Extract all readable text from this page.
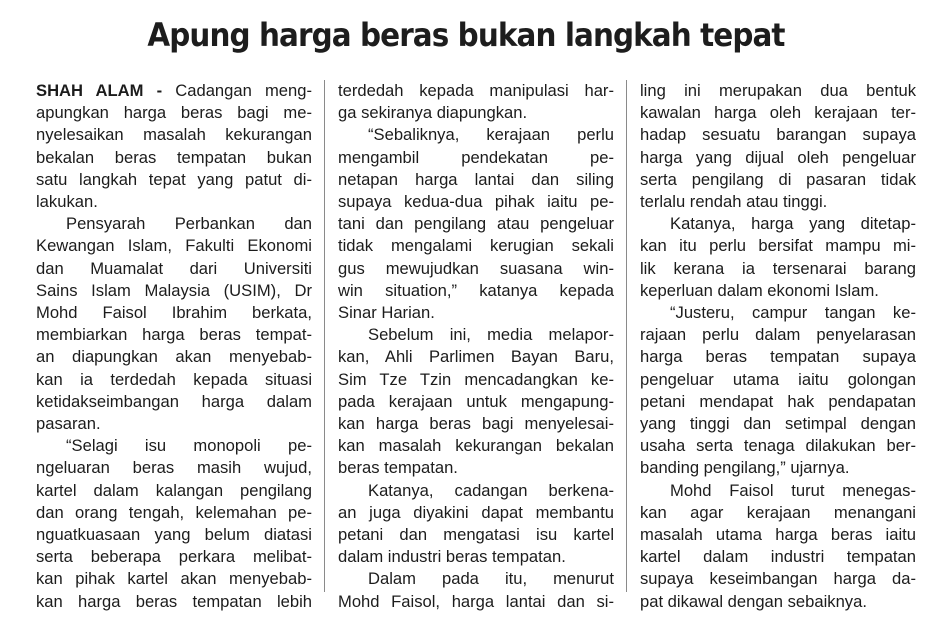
Apung harga beras bukan langkah tepat
SHAH ALAM - Cadangan meng-
apungkan harga beras bagi me-
nyelesaikan masalah kekurangan
bekalan beras tempatan bukan
satu langkah tepat yang patut di-
lakukan.
Pensyarah Perbankan dan
Kewangan Islam, Fakulti Ekonomi
dan Muamalat dari Universiti
Sains Islam Malaysia (USIM), Dr
Mohd Faisol Ibrahim berkata,
membiarkan harga beras tempat-
an diapungkan akan menyebab-
kan ia terdedah kepada situasi
ketidakseimbangan harga dalam
pasaran.
“Selagi isu monopoli pe-
ngeluaran beras masih wujud,
kartel dalam kalangan pengilang
dan orang tengah, kelemahan pe-
nguatkuasaan yang belum diatasi
serta beberapa perkara melibat-
kan pihak kartel akan menyebab-
kan harga beras tempatan lebih
terdedah kepada manipulasi har-
ga sekiranya diapungkan.
“Sebaliknya, kerajaan perlu
mengambil pendekatan pe-
netapan harga lantai dan siling
supaya kedua-dua pihak iaitu pe-
tani dan pengilang atau pengeluar
tidak mengalami kerugian sekali
gus mewujudkan suasana win-
win situation,” katanya kepada
Sinar Harian.
Sebelum ini, media melapor-
kan, Ahli Parlimen Bayan Baru,
Sim Tze Tzin mencadangkan ke-
pada kerajaan untuk mengapung-
kan harga beras bagi menyelesai-
kan masalah kekurangan bekalan
beras tempatan.
Katanya, cadangan berkena-
an juga diyakini dapat membantu
petani dan mengatasi isu kartel
dalam industri beras tempatan.
Dalam pada itu, menurut
Mohd Faisol, harga lantai dan si-
ling ini merupakan dua bentuk
kawalan harga oleh kerajaan ter-
hadap sesuatu barangan supaya
harga yang dijual oleh pengeluar
serta pengilang di pasaran tidak
terlalu rendah atau tinggi.
Katanya, harga yang ditetap-
kan itu perlu bersifat mampu mi-
lik kerana ia tersenarai barang
keperluan dalam ekonomi Islam.
“Justeru, campur tangan ke-
rajaan perlu dalam penyelarasan
harga beras tempatan supaya
pengeluar utama iaitu golongan
petani mendapat hak pendapatan
yang tinggi dan setimpal dengan
usaha serta tenaga dilakukan ber-
banding pengilang,” ujarnya.
Mohd Faisol turut menegas-
kan agar kerajaan menangani
masalah utama harga beras iaitu
kartel dalam industri tempatan
supaya keseimbangan harga da-
pat dikawal dengan sebaiknya.
